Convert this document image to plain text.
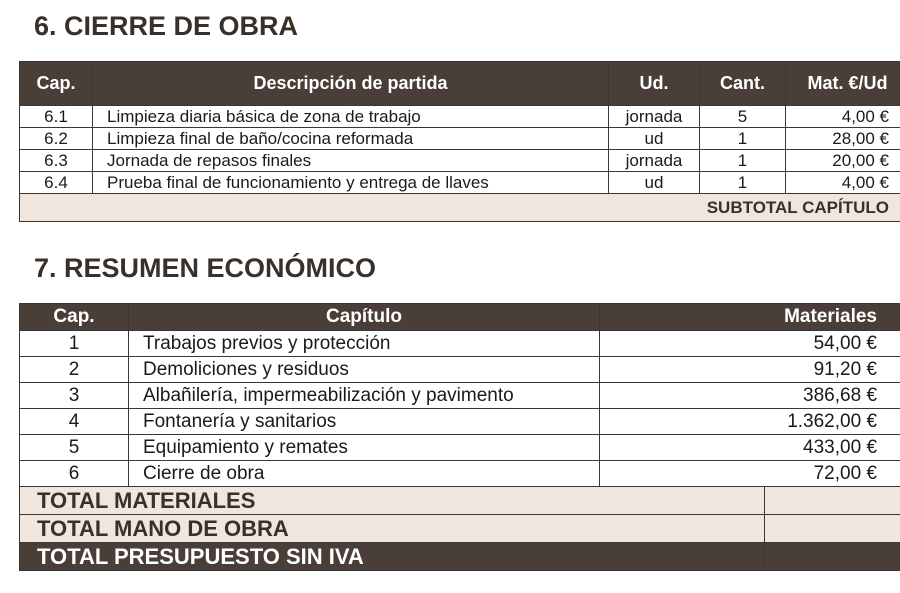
6. CIERRE DE OBRA
Cap.	Descripción de partida	Ud.	Cant.	Mat. €/Ud
6.1	Limpieza diaria básica de zona de trabajo	jornada	5	4,00 €
6.2	Limpieza final de baño/cocina reformada	ud	1	28,00 €
6.3	Jornada de repasos finales	jornada	1	20,00 €
6.4	Prueba final de funcionamiento y entrega de llaves	ud	1	4,00 €
SUBTOTAL CAPÍTULO				
7. RESUMEN ECONÓMICO
Cap.	Capítulo	Materiales	
1	Trabajos previos y protección	54,00 €	
2	Demoliciones y residuos	91,20 €	
3	Albañilería, impermeabilización y pavimento	386,68 €	
4	Fontanería y sanitarios	1.362,00 €	
5	Equipamiento y remates	433,00 €	
6	Cierre de obra	72,00 €	
TOTAL MATERIALES			
TOTAL MANO DE OBRA			
TOTAL PRESUPUESTO SIN IVA			
